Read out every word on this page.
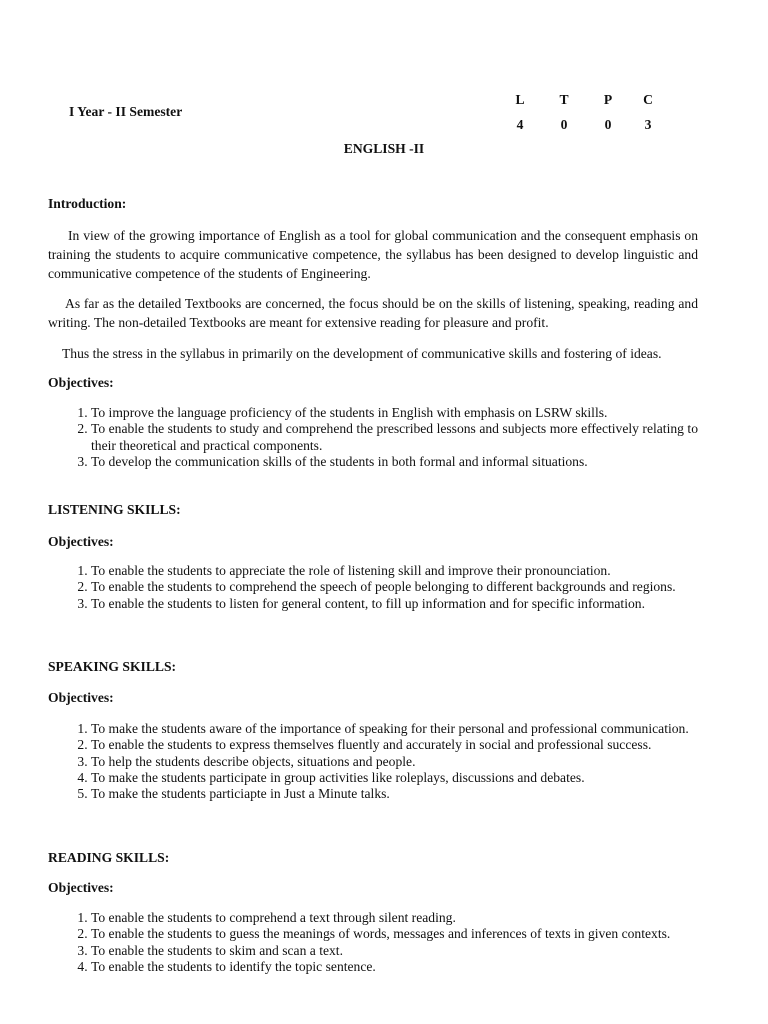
I Year - II Semester
L	T	P	C
4	0	0	3
ENGLISH -II
Introduction:

In view of the growing importance of English as a tool for global communication and the consequent emphasis on training the students to acquire communicative competence, the syllabus has been designed to develop linguistic and communicative competence of the students of Engineering.

As far as the detailed Textbooks are concerned, the focus should be on the skills of listening, speaking, reading and writing. The non-detailed Textbooks are meant for extensive reading for pleasure and profit.

Thus the stress in the syllabus in primarily on the development of communicative skills and fostering of ideas.

Objectives:
1. To improve the language proficiency of the students in English with emphasis on LSRW skills.
2. To enable the students to study and comprehend the prescribed lessons and subjects more effectively relating to their theoretical and practical components.
3. To develop the communication skills of the students in both formal and informal situations.
LISTENING SKILLS:
Objectives:
1. To enable the students to appreciate the role of listening skill and improve their pronounciation.
2. To enable the students to comprehend the speech of people belonging to different backgrounds and regions.
3. To enable the students to listen for general content, to fill up information and for specific information.
SPEAKING SKILLS:
Objectives:
1. To make the students aware of the importance of speaking for their personal and professional communication.
2. To enable the students to express themselves fluently and accurately in social and professional success.
3. To help the students describe objects, situations and people.
4. To make the students participate in group activities like roleplays, discussions and debates.
5. To make the students particiapte in Just a Minute talks.
READING SKILLS:
Objectives:
1. To enable the students to comprehend a text through silent reading.
2. To enable the students to guess the meanings of words, messages and inferences of texts in given contexts.
3. To enable the students to skim and scan a text.
4. To enable the students to identify the topic sentence.
